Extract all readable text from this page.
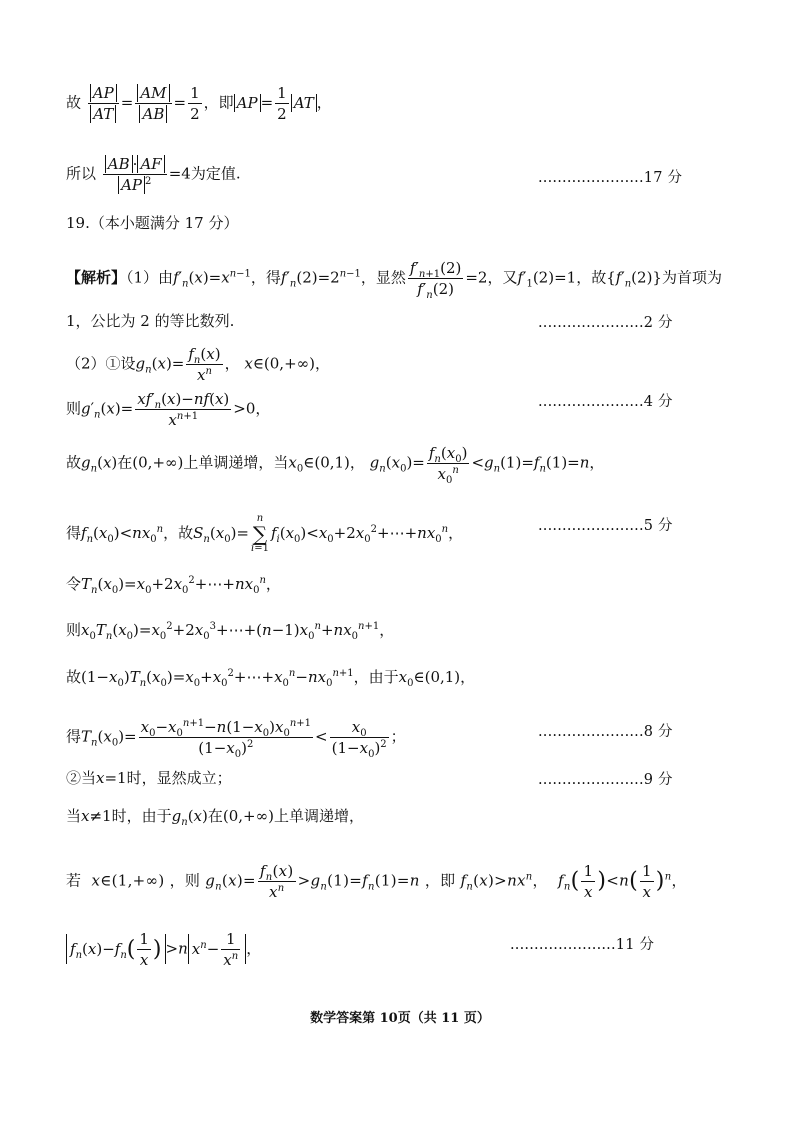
故 $\frac{AP}{AT} = \frac{AM}{AB} = \frac{1}{2}$ ，即 AP = $\frac{1}{2}$ AT ，
所以 $\frac{AB \cdot AF}{AP ^2} =4$为定值.	......................17 分
19.（本小题满分 17 分）
【解析】（1）由$f'_n(x)=x^{n-1}$，得$f'_n(2)=2^{n-1}$，显然 $\frac{f'_{n+1}(2)}{f'_n(2)} =2$，又$f'_1(2)=1$，故$\{f'_n(2)\}$为首项为
1，公比为 2 的等比数列.	......................2 分
（2）①设$g_n(x)= \frac{f_n(x)}{x^n}$ ， x∈(0,+∞)，
则$g'_n(x)= \frac{xf'_n(x)-nf(x)}{x^{n+1}} >0$，	......................4 分
故$g_n(x)$在(0,+∞)上单调递增，当$x_0\in(0,1)$， $g_n(x_0)= \frac{f_n(x_0)}{x_0^n} <g_n(1)=f_n(1)=n$，
得$f_n(x_0)<nx_0^n$，故$S_n(x_0)=n$
∑
$i=1f_i(x_0)<x_0+2x_0^2+\cdots+nx_0^n$，	......................5 分
令$T_n(x_0)=x_0+2x_0^2+\cdots+nx_0^n$，
则$x_0T_n(x_0)=x_0^2+2x_0^3+\cdots+(n-1)x_0^n+nx_0^{n+1}$，
故$(1-x_0)T_n(x_0)=x_0+x_0^2+\cdots+x_0^n-nx_0^{n+1}$，由于$x_0\in(0,1)$，
得$T_n(x_0)= \frac{x_0-x_0^{n+1}-n(1-x_0)x_0^{n+1}}{(1-x_0)^2} < \frac{x_0}{(1-x_0)^2}$ ；	......................8 分
②当x=1时，显然成立；	......................9 分
当x≠1时，由于$g_n(x)$在(0,+∞)上单调递增，
若 x∈(1,+∞) ，则 $g_n(x)= \frac{f_n(x)}{x^n} >g_n(1)=f_n(1)=n$ ，即 $f_n(x)>nx^n$，  $f_n( \frac{1}{x} )<n( \frac{1}{x} )^n$，
$f_n(x)-f_n( \frac{1}{x}$ ) >n $x^n- \frac{1}{x^n}$ ，	......................11 分
数学答案第 10页（共 11 页）
